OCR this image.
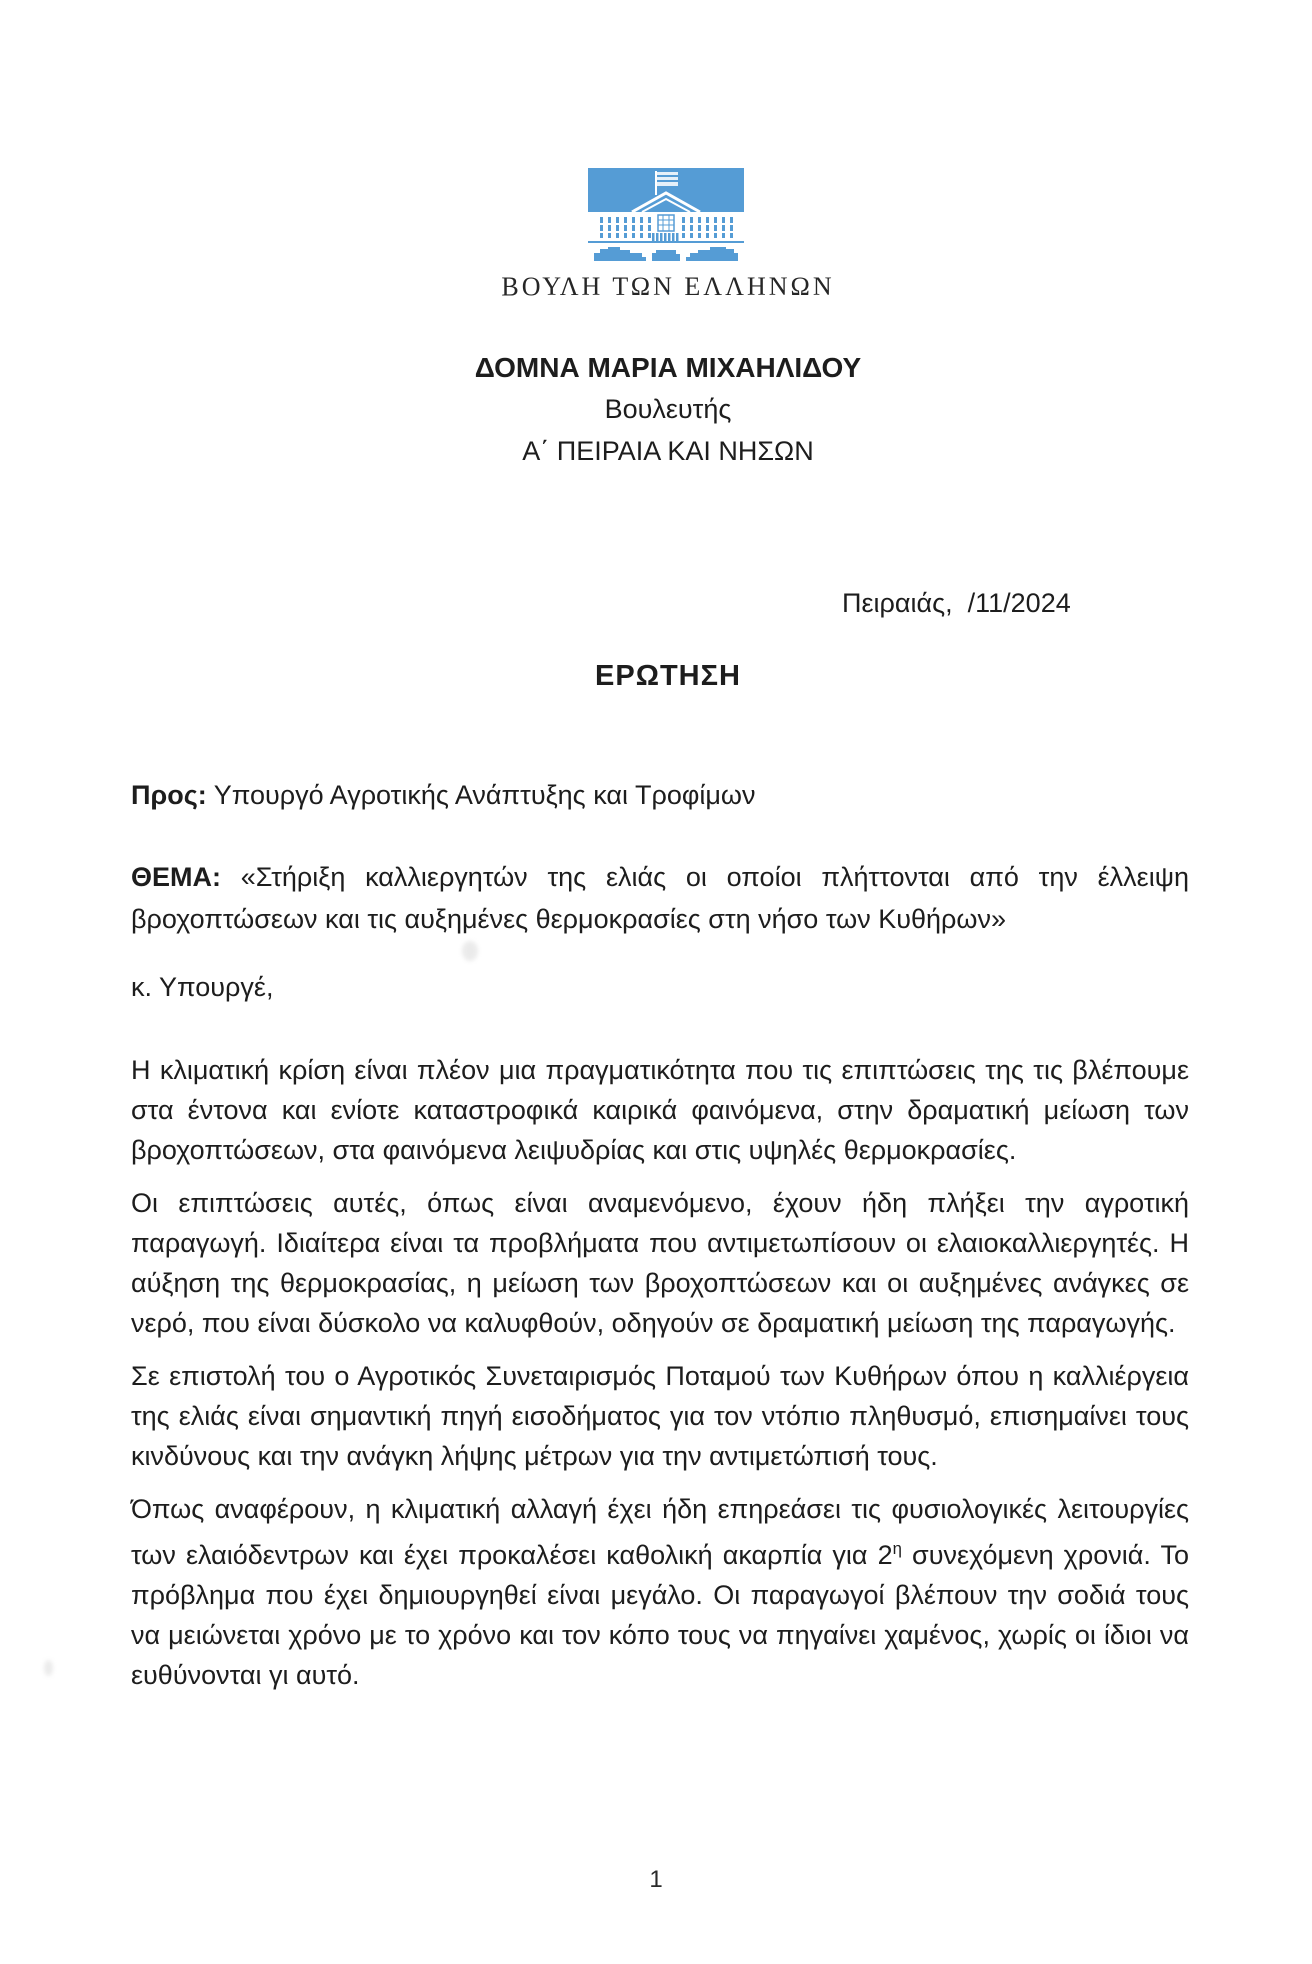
ΒΟΥΛΗ ΤΩΝ ΕΛΛΗΝΩΝ
ΔΟΜΝΑ ΜΑΡΙΑ ΜΙΧΑΗΛΙΔΟΥ
Βουλευτής
Α΄ ΠΕΙΡΑΙΑ ΚΑΙ ΝΗΣΩΝ
Πειραιάς,  /11/2024
ΕΡΩΤΗΣΗ
Προς: Υπουργό Αγροτικής Ανάπτυξης και Τροφίμων
ΘΕΜΑ: «Στήριξη καλλιεργητών της ελιάς οι οποίοι πλήττονται από την έλλειψη βροχοπτώσεων και τις αυξημένες θερμοκρασίες στη νήσο των Κυθήρων»
κ. Υπουργέ,

Η κλιματική κρίση είναι πλέον μια πραγματικότητα που τις επιπτώσεις της τις βλέπουμε στα έντονα και ενίοτε καταστροφικά καιρικά φαινόμενα, στην δραματική μείωση των βροχοπτώσεων, στα φαινόμενα λειψυδρίας και στις υψηλές θερμοκρασίες.

Οι επιπτώσεις αυτές, όπως είναι αναμενόμενο, έχουν ήδη πλήξει την αγροτική παραγωγή. Ιδιαίτερα είναι τα προβλήματα που αντιμετωπίσουν οι ελαιοκαλλιεργητές. Η αύξηση της θερμοκρασίας, η μείωση των βροχοπτώσεων και οι αυξημένες ανάγκες σε νερό, που είναι δύσκολο να καλυφθούν, οδηγούν σε δραματική μείωση της παραγωγής.

Σε επιστολή του ο Αγροτικός Συνεταιρισμός Ποταμού των Κυθήρων όπου η καλλιέργεια της ελιάς είναι σημαντική πηγή εισοδήματος για τον ντόπιο πληθυσμό, επισημαίνει τους κινδύνους και την ανάγκη λήψης μέτρων για την αντιμετώπισή τους.

Όπως αναφέρουν, η κλιματική αλλαγή έχει ήδη επηρεάσει τις φυσιολογικές λειτουργίες των ελαιόδεντρων και έχει προκαλέσει καθολική ακαρπία για $2^\eta$ συνεχόμενη χρονιά. Το πρόβλημα που έχει δημιουργηθεί είναι μεγάλο. Οι παραγωγοί βλέπουν την σοδιά τους να μειώνεται χρόνο με το χρόνο και τον κόπο τους να πηγαίνει χαμένος, χωρίς οι ίδιοι να ευθύνονται γι αυτό.

1
